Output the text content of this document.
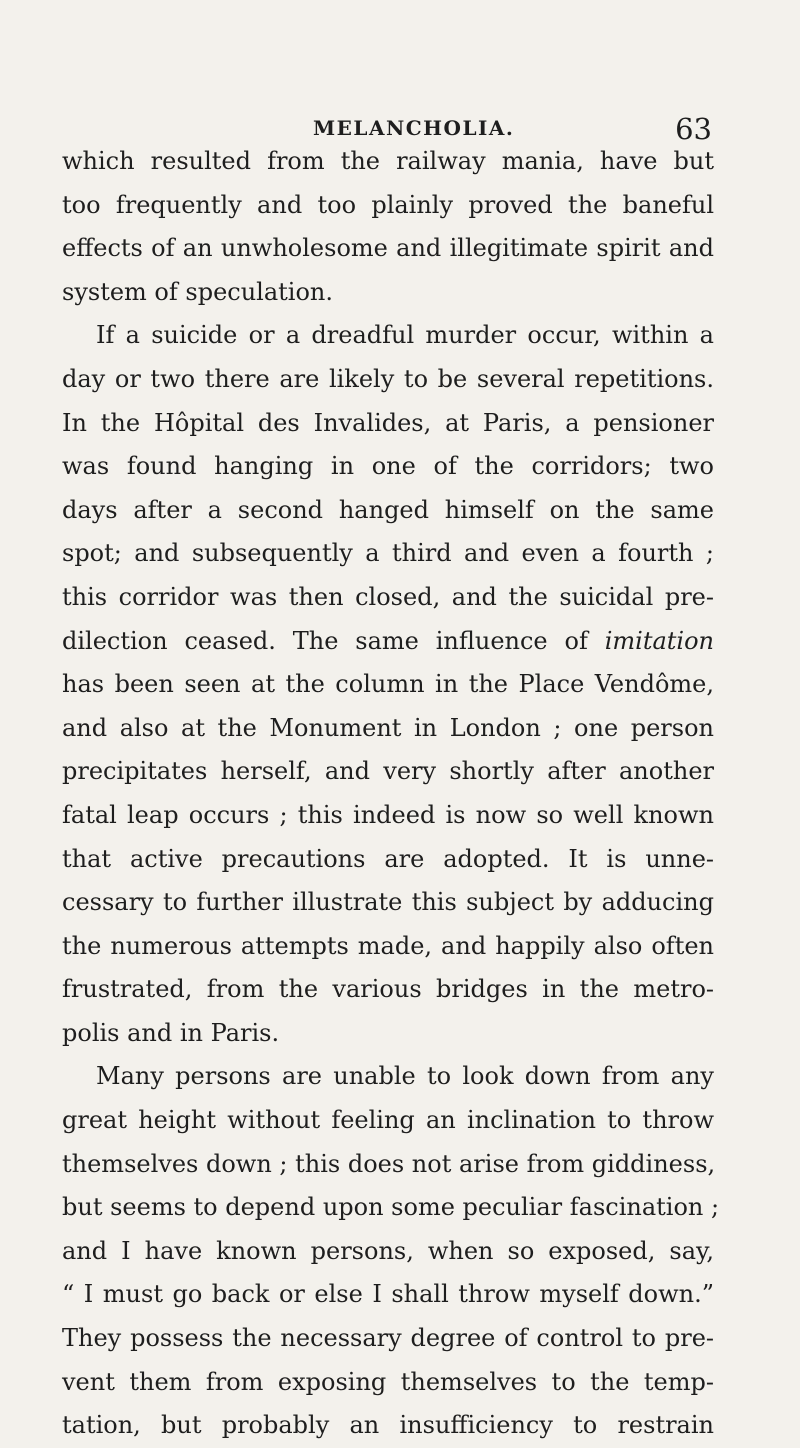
MELANCHOLIA.	63
which resulted from the railway mania, have but
too frequently and too plainly proved the baneful
effects of an unwholesome and illegitimate spirit and
system of speculation.
If a suicide or a dreadful murder occur, within a
day or two there are likely to be several repetitions.
In the Hôpital des Invalides, at Paris, a pensioner
was found hanging in one of the corridors; two
days after a second hanged himself on the same
spot; and subsequently a third and even a fourth ;
this corridor was then closed, and the suicidal pre-
dilection ceased. The same influence of imitation
has been seen at the column in the Place Vendôme,
and also at the Monument in London ; one person
precipitates herself, and very shortly after another
fatal leap occurs ; this indeed is now so well known
that active precautions are adopted. It is unne-
cessary to further illustrate this subject by adducing
the numerous attempts made, and happily also often
frustrated, from the various bridges in the metro-
polis and in Paris.
Many persons are unable to look down from any
great height without feeling an inclination to throw
themselves down ; this does not arise from giddiness,
but seems to depend upon some peculiar fascination ;
and I have known persons, when so exposed, say,
“ I must go back or else I shall throw myself down.”
They possess the necessary degree of control to pre-
vent them from exposing themselves to the temp-
tation, but probably an insufficiency to restrain
